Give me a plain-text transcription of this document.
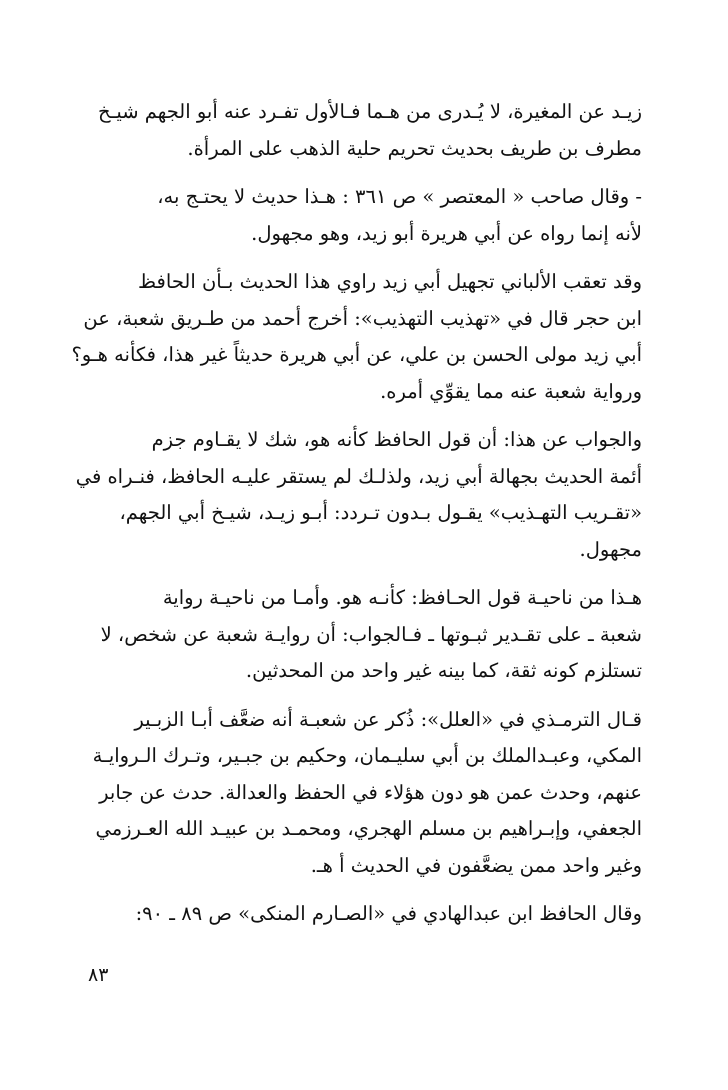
زيـد عن المغيرة، لا يُـدرى من هـما فـالأول تفـرد عنه أبو الجهم شيـخ
مطرف بن طريف بحديث تحريم حلية الذهب على المرأة.

- وقال صاحب « المعتصر » ص ٣٦١ : هـذا حديث لا يحتـج به،
لأنه إنما رواه عن أبي هريرة أبو زيد، وهو مجهول.

وقد تعقب الألباني تجهيل أبي زيد راوي هذا الحديث بـأن الحافظ
ابن حجر قال في «تهذيب التهذيب»: أخرج أحمد من طـريق شعبة، عن
أبي زيد مولى الحسن بن علي، عن أبي هريرة حديثاً غير هذا، فكأنه هـو؟
ورواية شعبة عنه مما يقوِّي أمره.

والجواب عن هذا: أن قول الحافظ كأنه هو، شك لا يقـاوم جزم
أئمة الحديث بجهالة أبي زيد، ولذلـك لم يستقر عليـه الحافظ، فنـراه في
«تقـريب التهـذيب» يقـول بـدون تـردد: أبـو زيـد، شيـخ أبي الجهم،
مجهول.

هـذا من ناحيـة قول الحـافظ: كأنـه هو. وأمـا من ناحيـة رواية
شعبة ـ على تقـدير ثبـوتها ـ فـالجواب: أن روايـة شعبة عن شخص، لا
تستلزم كونه ثقة، كما بينه غير واحد من المحدثين.

قـال الترمـذي في «العلل»: ذُكر عن شعبـة أنه ضعَّف أبـا الزبـير
المكي، وعبـدالملك بن أبي سليـمان، وحكيم بن جبـير، وتـرك الـروايـة
عنهم، وحدث عمن هو دون هؤلاء في الحفظ والعدالة. حدث عن جابر
الجعفي، وإبـراهيم بن مسلم الهجري، ومحمـد بن عبيـد الله العـرزمي
وغير واحد ممن يضعَّفون في الحديث أ هـ.

وقال الحافظ ابن عبدالهادي في «الصـارم المنكى» ص ٨٩ ـ ٩٠:

٨٣
